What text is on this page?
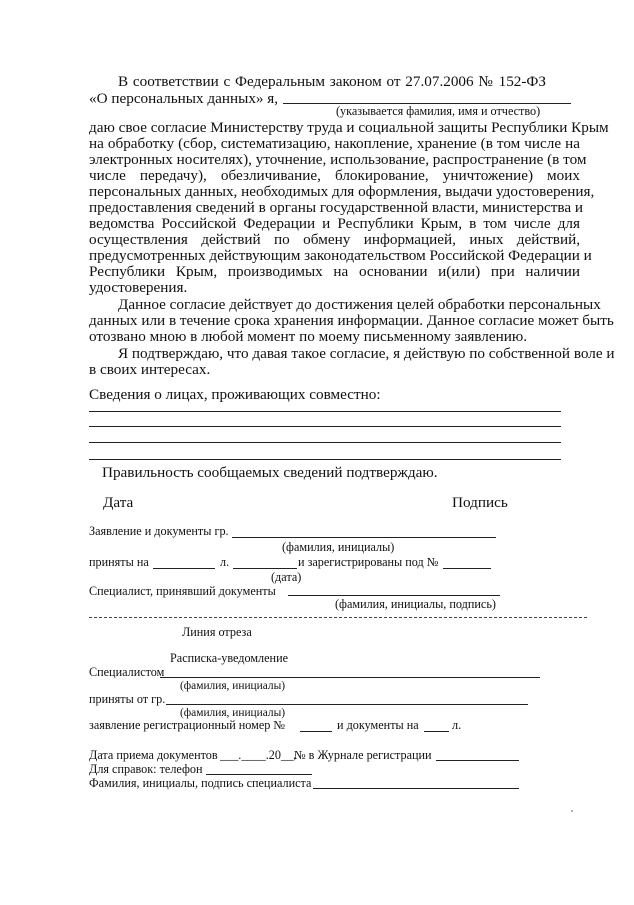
В соответствии с Федеральным законом от 27.07.2006 № 152-ФЗ
«О персональных данных» я,
(указывается фамилия, имя и отчество)
даю свое согласие Министерству труда и социальной защиты Республики Крым
на обработку (сбор, систематизацию, накопление, хранение (в том числе на
электронных носителях), уточнение, использование, распространение (в том
числе передачу), обезличивание, блокирование, уничтожение) моих
персональных данных, необходимых для оформления, выдачи удостоверения,
предоставления сведений в органы государственной власти, министерства и
ведомства Российской Федерации и Республики Крым, в том числе для
осуществления действий по обмену информацией, иных действий,
предусмотренных действующим законодательством Российской Федерации и
Республики Крым, производимых на основании и(или) при наличии
удостоверения.
Данное согласие действует до достижения целей обработки персональных
данных или в течение срока хранения информации. Данное согласие может быть
отозвано мною в любой момент по моему письменному заявлению.
Я подтверждаю, что давая такое согласие, я действую по собственной воле и
в своих интересах.
Сведения о лицах, проживающих совместно:
Правильность сообщаемых сведений подтверждаю.
Дата	Подпись
Заявление и документы гр.
(фамилия, инициалы)
приняты на	л.	и зарегистрированы под №
(дата)
Специалист, принявший документы
(фамилия, инициалы, подпись)
Линия отреза
Расписка-уведомление
Специалистом
(фамилия, инициалы)
приняты от гр.
(фамилия, инициалы)
заявление регистрационный номер №	и документы на	л.
Дата приема документов ___.____.20__,
№ в Журнале регистрации
Для справок: телефон
Фамилия, инициалы, подпись специалиста
